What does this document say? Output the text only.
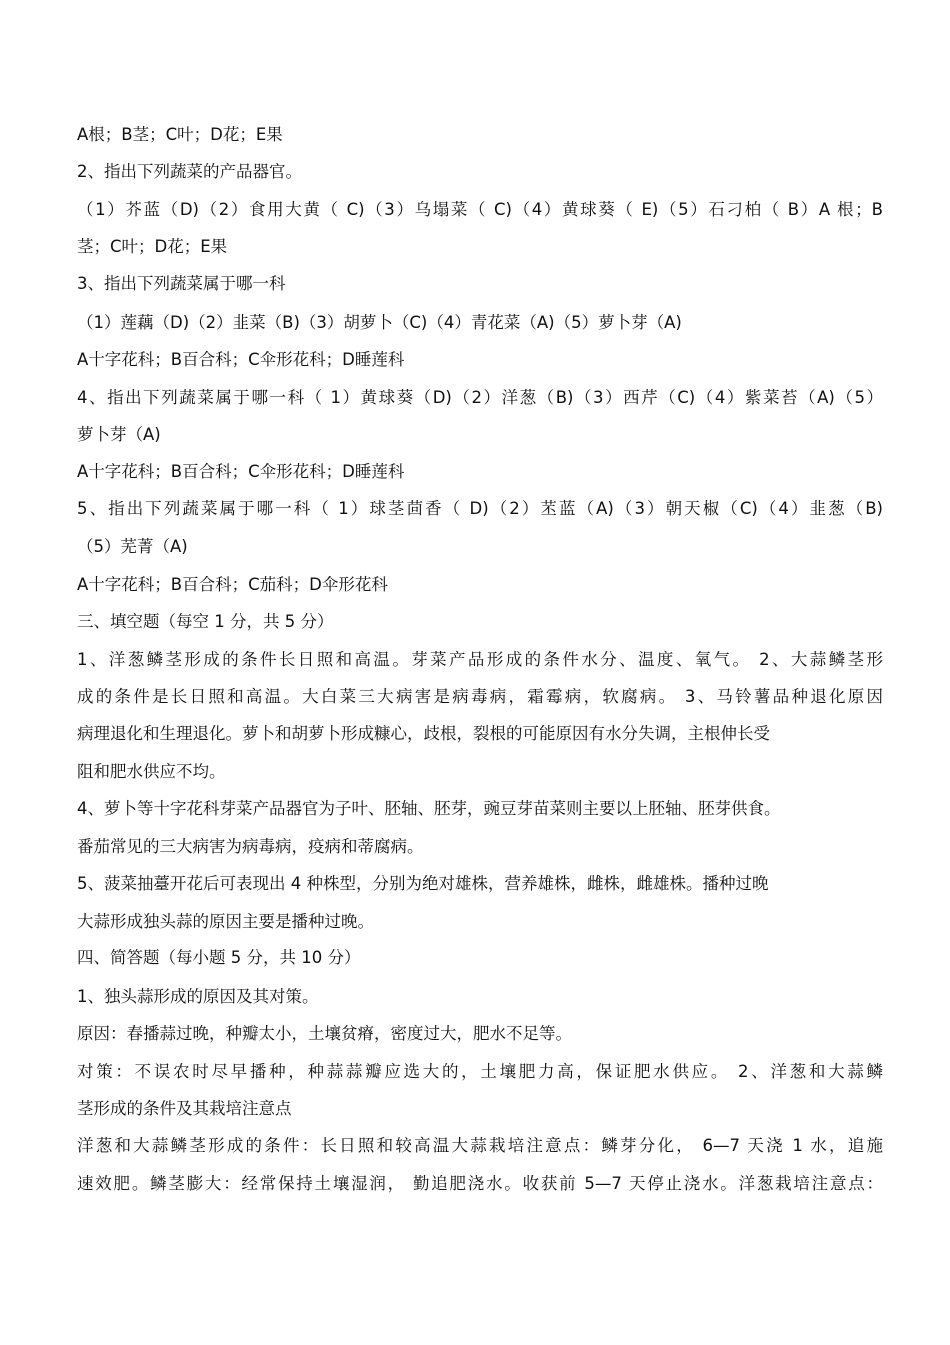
A根；B茎；C叶；D花；E果
2、指出下列蔬菜的产品器官。
（1）芥蓝（D)（2）食用大黄（ C)（3）乌塌菜（ C)（4）黄球葵（ E)（5）石刁柏（ B）A 根；B
茎；C叶；D花；E果
3、指出下列蔬菜属于哪一科
（1）莲藕（D)（2）韭菜（B)（3）胡萝卜（C)（4）青花菜（A)（5）萝卜芽（A)
A十字花科；B百合科；C伞形花科；D睡莲科
4、指出下列蔬菜属于哪一科（ 1）黄球葵（D)（2）洋葱（B)（3）西芹（C)（4）紫菜苔（A)（5）
萝卜芽（A)
A十字花科；B百合科；C伞形花科；D睡莲科
5、指出下列蔬菜属于哪一科（ 1）球茎茴香（ D)（2）苤蓝（A)（3）朝天椒（C)（4）韭葱（B)
（5）芜菁（A)
A十字花科；B百合科；C茄科；D伞形花科
三、填空题（每空 1 分，共 5 分）
1、洋葱鳞茎形成的条件长日照和高温。芽菜产品形成的条件水分、温度、氧气。 2、大蒜鳞茎形
成的条件是长日照和高温。大白菜三大病害是病毒病，霜霉病，软腐病。 3、马铃薯品种退化原因
病理退化和生理退化。萝卜和胡萝卜形成糠心，歧根，裂根的可能原因有水分失调，主根伸长受
阻和肥水供应不均。
4、萝卜等十字花科芽菜产品器官为子叶、胚轴、胚芽，豌豆芽苗菜则主要以上胚轴、胚芽供食。
番茄常见的三大病害为病毒病，疫病和蒂腐病。
5、菠菜抽薹开花后可表现出 4 种株型，分别为绝对雄株，营养雄株，雌株，雌雄株。播种过晚
大蒜形成独头蒜的原因主要是播种过晚。
四、简答题（每小题 5 分，共 10 分）
1、独头蒜形成的原因及其对策。
原因：春播蒜过晚，种瓣太小，土壤贫瘠，密度过大，肥水不足等。
对策：不误农时尽早播种，种蒜蒜瓣应选大的，土壤肥力高，保证肥水供应。 2、洋葱和大蒜鳞
茎形成的条件及其栽培注意点
洋葱和大蒜鳞茎形成的条件：长日照和较高温大蒜栽培注意点：鳞芽分化， 6—7 天浇 1 水，追施
速效肥。鳞茎膨大：经常保持土壤湿润， 勤追肥浇水。收获前 5—7 天停止浇水。洋葱栽培注意点：
